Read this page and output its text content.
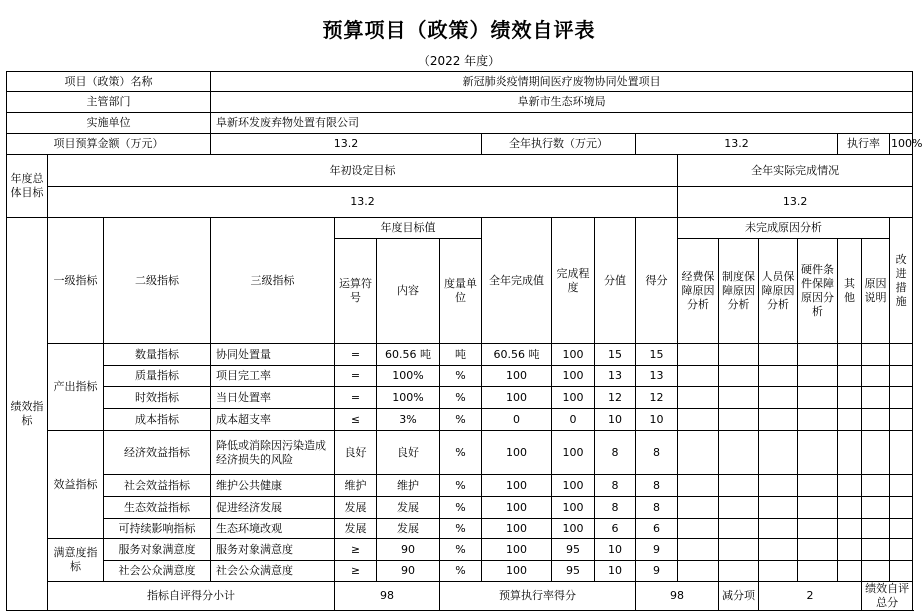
预算项目（政策）绩效自评表
（2022 年度）
项目（政策）名称			新冠肺炎疫情期间医疗废物协同处置项目															
主管部门			阜新市生态环境局															
实施单位			阜新环发废弃物处置有限公司															
项目预算金额（万元）			13.2				全年执行数（万元）			13.2					执行率		100%	
年度总体目标	年初设定目标										全年实际完成情况							
	13.2										13.2							
绩效指标	一级指标	二级指标	三级指标	年度目标值			全年完成值	完成程度	分值	得分	未完成原因分析						改进措施	
				运算符号	内容	度量单位					经费保障原因分析	制度保障原因分析	人员保障原因分析	硬件条件保障原因分析	其他	原因说明		
	产出指标	数量指标	协同处置量	=	60.56 吨	吨	60.56 吨	100	15	15								
		质量指标	项目完工率	=	100%	%	100	100	13	13								
		时效指标	当日处置率	=	100%	%	100	100	12	12								
		成本指标	成本超支率	≤	3%	%	0	0	10	10								
	效益指标	经济效益指标	降低或消除因污染造成经济损失的风险	良好	良好	%	100	100	8	8								
		社会效益指标	维护公共健康	维护	维护	%	100	100	8	8								
		生态效益指标	促进经济发展	发展	发展	%	100	100	8	8								
		可持续影响指标	生态环境改观	发展	发展	%	100	100	6	6								
	满意度指标	服务对象满意度	服务对象满意度	≥	90	%	100	95	10	9								
		社会公众满意度	社会公众满意度	≥	90	%	100	95	10	9								
	指标自评得分小计			98		预算执行率得分				98		减分项	2			绩效自评总分	
